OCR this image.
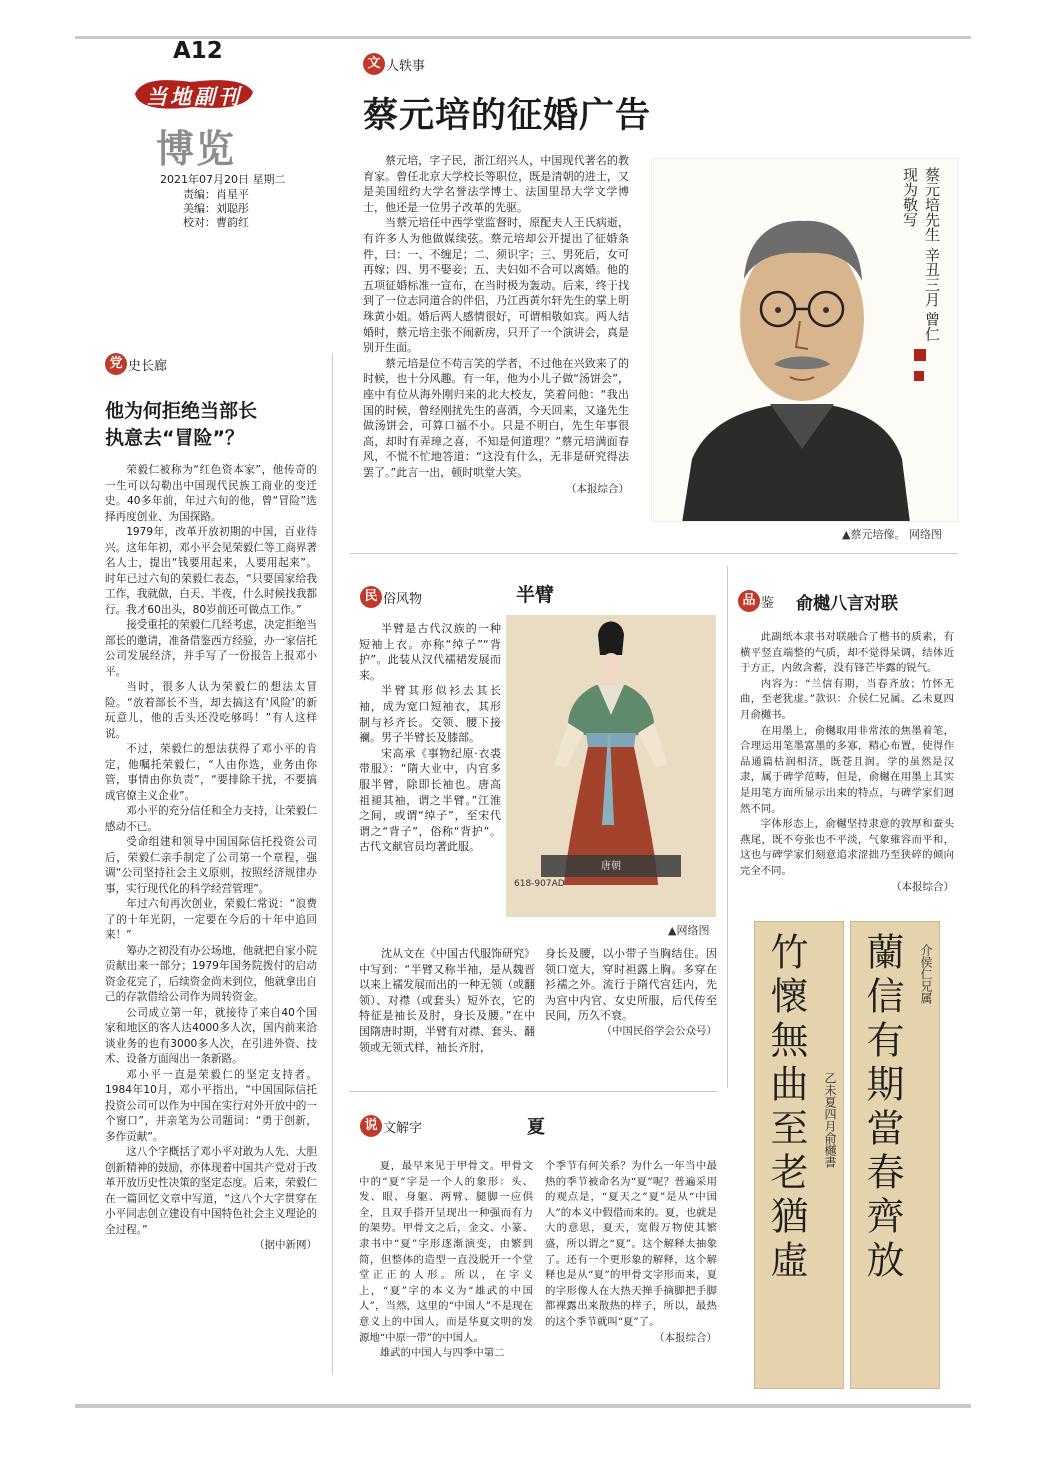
A12
当地副刊
博览
2021年07月20日 星期二
责编：肖星平
美编：刘聪彤
校对：曹韵红
文 人轶事
蔡元培的征婚广告

蔡元培，字子民，浙江绍兴人，中国现代著名的教育家。曾任北京大学校长等职位，既是清朝的进士，又是美国纽约大学名誉法学博士、法国里昂大学文学博士，他还是一位男子改革的先驱。

当蔡元培任中西学堂监督时，原配夫人王氏病逝，有许多人为他做媒续弦。蔡元培却公开提出了征婚条件，曰：一、不缠足；二、须识字；三、男死后，女可再嫁；四、男不娶妾；五、夫妇如不合可以离婚。他的五项征婚标准一宣布，在当时极为轰动。后来，终于找到了一位志同道合的伴侣，乃江西黄尔轩先生的掌上明珠黄小姐。婚后两人感情很好，可谓相敬如宾。两人结婚时，蔡元培主张不闹新房，只开了一个演讲会，真是别开生面。

蔡元培是位不苟言笑的学者，不过他在兴致来了的时候，也十分风趣。有一年，他为小儿子做“汤饼会”，座中有位从海外刚归来的北大校友，笑着问他：“我出国的时候，曾经刚扰先生的喜酒，今天回来，又逢先生做汤饼会，可算口福不小。只是不明白，先生年事很高，却时有弄璋之喜，不知是何道理？”蔡元培满面春风，不慌不忙地答道：“这没有什么，无非是研究得法罢了。”此言一出，顿时哄堂大笑。

（本报综合）
蔡元培先生 辛丑三月 曾仁现为敬写
▲蔡元培像。 网络图
党 史长廊
他为何拒绝当部长
执意去“冒险”？

荣毅仁被称为“红色资本家”，他传奇的一生可以勾勒出中国现代民族工商业的变迁史。40多年前，年过六旬的他，曾“冒险”选择再度创业、为国探路。

1979年，改革开放初期的中国，百业待兴。这年年初，邓小平会见荣毅仁等工商界著名人士，提出“钱要用起来，人要用起来”。时年已过六旬的荣毅仁表态，“只要国家给我工作，我就做，白天、半夜，什么时候找我都行。我才60出头，80岁前还可做点工作。”

接受重托的荣毅仁几经考虑，决定拒绝当部长的邀请，准备借鉴西方经验，办一家信托公司发展经济，并手写了一份报告上报邓小平。

当时，很多人认为荣毅仁的想法太冒险。“放着部长不当，却去搞这有‘风险’的新玩意儿，他的舌头还没吃够吗！”有人这样说。

不过，荣毅仁的想法获得了邓小平的肯定，他嘱托荣毅仁，“人由你选，业务由你管，事情由你负责”，“要排除干扰，不要搞成官僚主义企业”。

邓小平的充分信任和全力支持，让荣毅仁感动不已。

受命组建和领导中国国际信托投资公司后，荣毅仁亲手制定了公司第一个章程，强调“公司坚持社会主义原则，按照经济规律办事，实行现代化的科学经营管理”。

年过六旬再次创业，荣毅仁常说：“浪费了的十年光阴，一定要在今后的十年中追回来！”

筹办之初没有办公场地，他就把自家小院贡献出来一部分；1979年国务院拨付的启动资金花完了，后续资金尚未到位，他就拿出自己的存款借给公司作为周转资金。

公司成立第一年，就接待了来自40个国家和地区的客人达4000多人次，国内前来洽谈业务的也有3000多人次，在引进外资、技术、设备方面闯出一条新路。

邓小平一直是荣毅仁的坚定支持者。1984年10月，邓小平指出，“中国国际信托投资公司可以作为中国在实行对外开放中的一个窗口”，并亲笔为公司题词：“勇于创新，多作贡献”。

这八个字概括了邓小平对敢为人先、大胆创新精神的鼓励，亦体现着中国共产党对于改革开放历史性决策的坚定态度。后来，荣毅仁在一篇回忆文章中写道，“这八个大字贯穿在小平同志创立建设有中国特色社会主义理论的全过程。”

（据中新网）
民 俗风物	半臂

半臂是古代汉族的一种短袖上衣。亦称“绰子”“背护”。此装从汉代襦裙发展而来。

半臂其形似衫去其长袖，成为宽口短袖衣，其形制与衫齐长。交领、腰下接襕。男子半臂长及膝部。

宋高承《事物纪原·衣裘带服》：“隋大业中，内官多服半臂，除即长袖也。唐高祖褪其袖，谓之半臂。”江淮之间，或谓“绰子”，至宋代谓之“背子”，俗称“背护”。古代文献官员均著此服。

身长及腰，以小带子当胸结住。因领口宽大，穿时袒露上胸。多穿在衫襦之外。流行于隋代宫廷内，先为宫中内官、女史所服，后代传至民间，历久不衰。

（中国民俗学会公众号）

沈从文在《中国古代服饰研究》中写到：“半臂又称半袖，是从魏晋以来上襦发展而出的一种无领（或翻领）、对襟（或套头）短外衣，它的特征是袖长及肘，身长及腰。”在中国隋唐时期，半臂有对襟、套头、翻领或无领式样，袖长齐肘，

唐朝
618-907AD
▲网络图
品 鉴 俞樾八言对联

此副纸本隶书对联融合了楷书的质素，有横平竖直端整的气质，却不觉得呆调，结体近于方正，内敛含蓄，没有锋芒毕露的锐气。

内容为：“兰信有期，当春齐放；竹怀无曲，至老犹虚。”款识：介侯仁兄属。乙未夏四月俞樾书。

在用墨上，俞樾取用非常浓的焦墨着笔，合理运用笔墨富墨的多寡，精心布置，使得作品通篇枯润相济，既苍且润。学的虽然是汉隶，属于碑学范畴，但是，俞樾在用墨上其实是用笔方面所显示出来的特点，与碑学家们迥然不同。

字体形态上，俞樾坚持隶意的敦厚和蚕头燕尾，既不夸张也不平淡，气象雍容而平和，这也与碑学家们刻意追求涩拙乃至狭碎的倾向完全不同。

（本报综合）
竹懷無曲至老猶虛 乙未夏四月俞樾書 蘭信有期當春齊放 介侯仁兄属
说 文解字	夏

夏，最早来见于甲骨文。甲骨文中的“夏”字是一个人的象形：头、发、眼、身躯、两臂、腿脚一应俱全，且双手搭开呈现出一种强而有力的架势。甲骨文之后，金文、小篆、隶书中“夏”字形逐渐演变，由繁到简，但整体的造型一直没脱开一个堂堂正正的人形。所以，在字义上，“夏”字的本义为“雄武的中国人”，当然，这里的“中国人”不是现在意义上的中国人，而是华夏文明的发源地“中原一带”的中国人。

雄武的中国人与四季中第二

个季节有何关系？为什么一年当中最热的季节被命名为“夏”呢？普遍采用的观点是，“夏天之”夏”是从“中国人”的本义中假借而来的。夏，也就是大的意思，夏天，宽假万物使其繁盛，所以谓之“夏”。这个解释太抽象了。还有一个更形象的解释，这个解释也是从“夏”的甲骨文字形而来，夏的字形像人在大热天掸手摘脚把手脚都裸露出来散热的样子，所以，最热的这个季节就叫“夏”了。

（本报综合）
